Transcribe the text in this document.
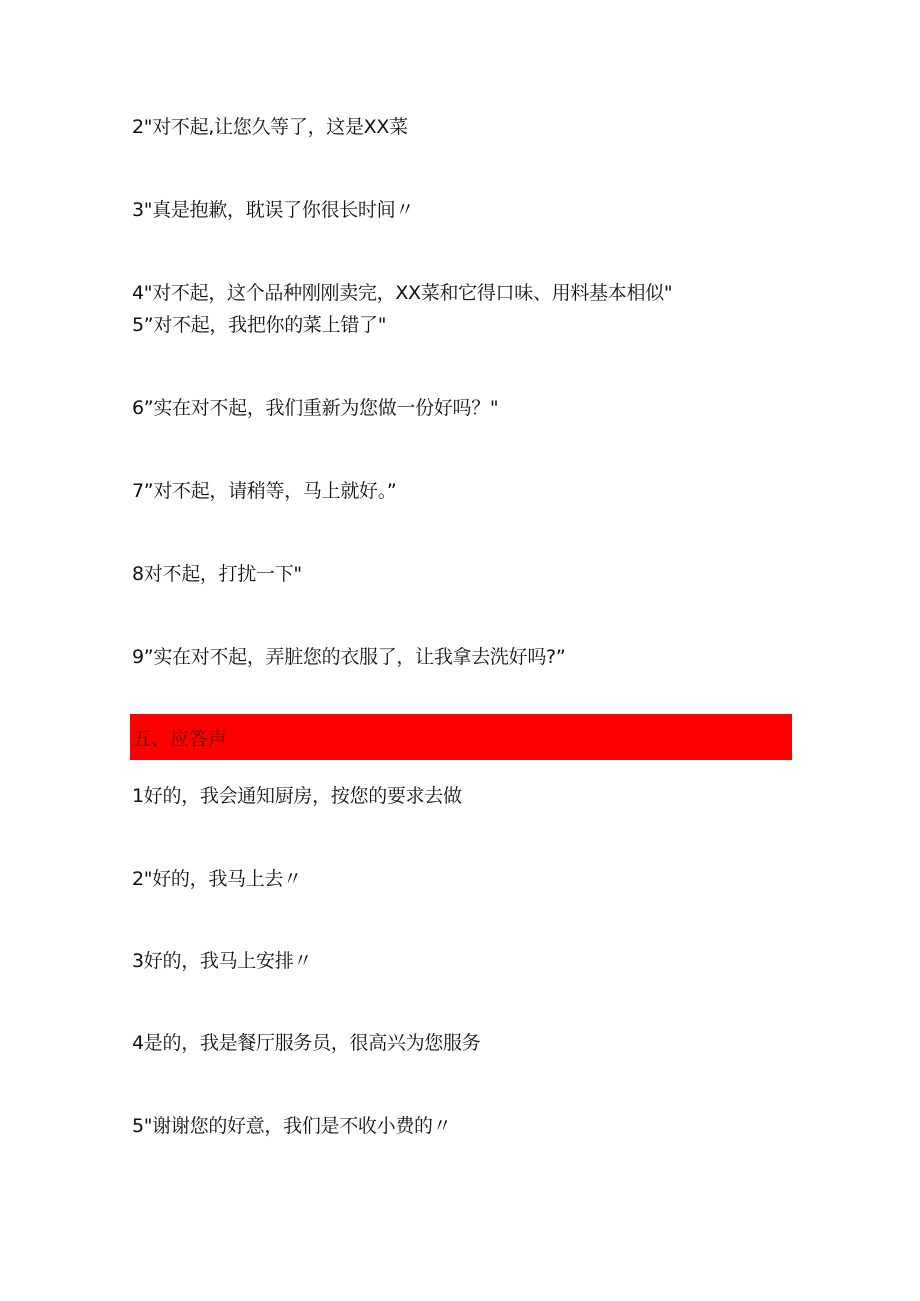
2"对不起,让您久等了，这是XX菜
3"真是抱歉，耽误了你很长时间〃
4"对不起，这个品种刚刚卖完，XX菜和它得口味、用料基本相似"
5”对不起，我把你的菜上错了"
6”实在对不起，我们重新为您做一份好吗？"
7”对不起，请稍等，马上就好。”
8对不起，打扰一下"
9”实在对不起，弄脏您的衣服了，让我拿去洗好吗?”
五、应答声
1好的，我会通知厨房，按您的要求去做
2"好的，我马上去〃
3好的，我马上安排〃
4是的，我是餐厅服务员，很高兴为您服务
5"谢谢您的好意，我们是不收小费的〃
